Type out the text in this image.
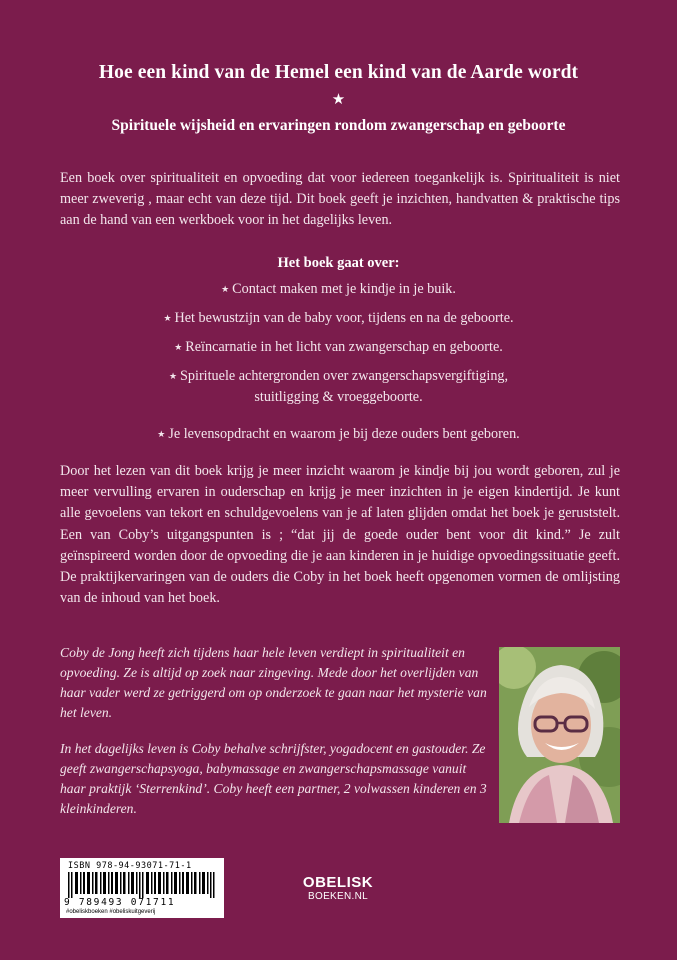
Hoe een kind van de Hemel een kind van de Aarde wordt
★
Spirituele wijsheid en ervaringen rondom zwangerschap en geboorte

Een boek over spiritualiteit en opvoeding dat voor iedereen toegankelijk is. Spiritualiteit is niet meer zweverig , maar echt van deze tijd. Dit boek geeft je inzichten, handvatten & praktische tips aan de hand van een werkboek voor in het dagelijks leven.

Het boek gaat over:
★ Contact maken met je kindje in je buik.
★ Het bewustzijn van de baby voor, tijdens en na de geboorte.
★ Reïncarnatie in het licht van zwangerschap en geboorte.
★ Spirituele achtergronden over zwangerschapsvergiftiging,
stuitligging & vroeggeboorte.
★ Je levensopdracht en waarom je bij deze ouders bent geboren.
Door het lezen van dit boek krijg je meer inzicht waarom je kindje bij jou wordt geboren, zul je meer vervulling ervaren in ouderschap en krijg je meer inzichten in je eigen kindertijd. Je kunt alle gevoelens van tekort en schuldgevoelens van je af laten glijden omdat het boek je geruststelt. Een van Coby’s uitgangspunten is ; “dat jij de goede ouder bent voor dit kind.” Je zult geïnspireerd worden door de opvoeding die je aan kinderen in je huidige opvoedingssituatie geeft. De praktijkervaringen van de ouders die Coby in het boek heeft opgenomen vormen de omlijsting van de inhoud van het boek.

Coby de Jong heeft zich tijdens haar hele leven verdiept in spiritualiteit en opvoeding. Ze is altijd op zoek naar zingeving. Mede door het overlijden van haar vader werd ze getriggerd om op onderzoek te gaan naar het mysterie van het leven.

In het dagelijks leven is Coby behalve schrijfster, yogadocent en gastouder. Ze geeft zwangerschapsyoga, babymassage en zwangerschapsmassage vanuit haar praktijk ‘Sterrenkind’. Coby heeft een partner, 2 volwassen kinderen en 3 kleinkinderen.

ISBN 978-94-93071-71-1
9 789493 071711
#obeliskboeken #obeliskuitgeverij
OBELISK
BOEKEN.NL
